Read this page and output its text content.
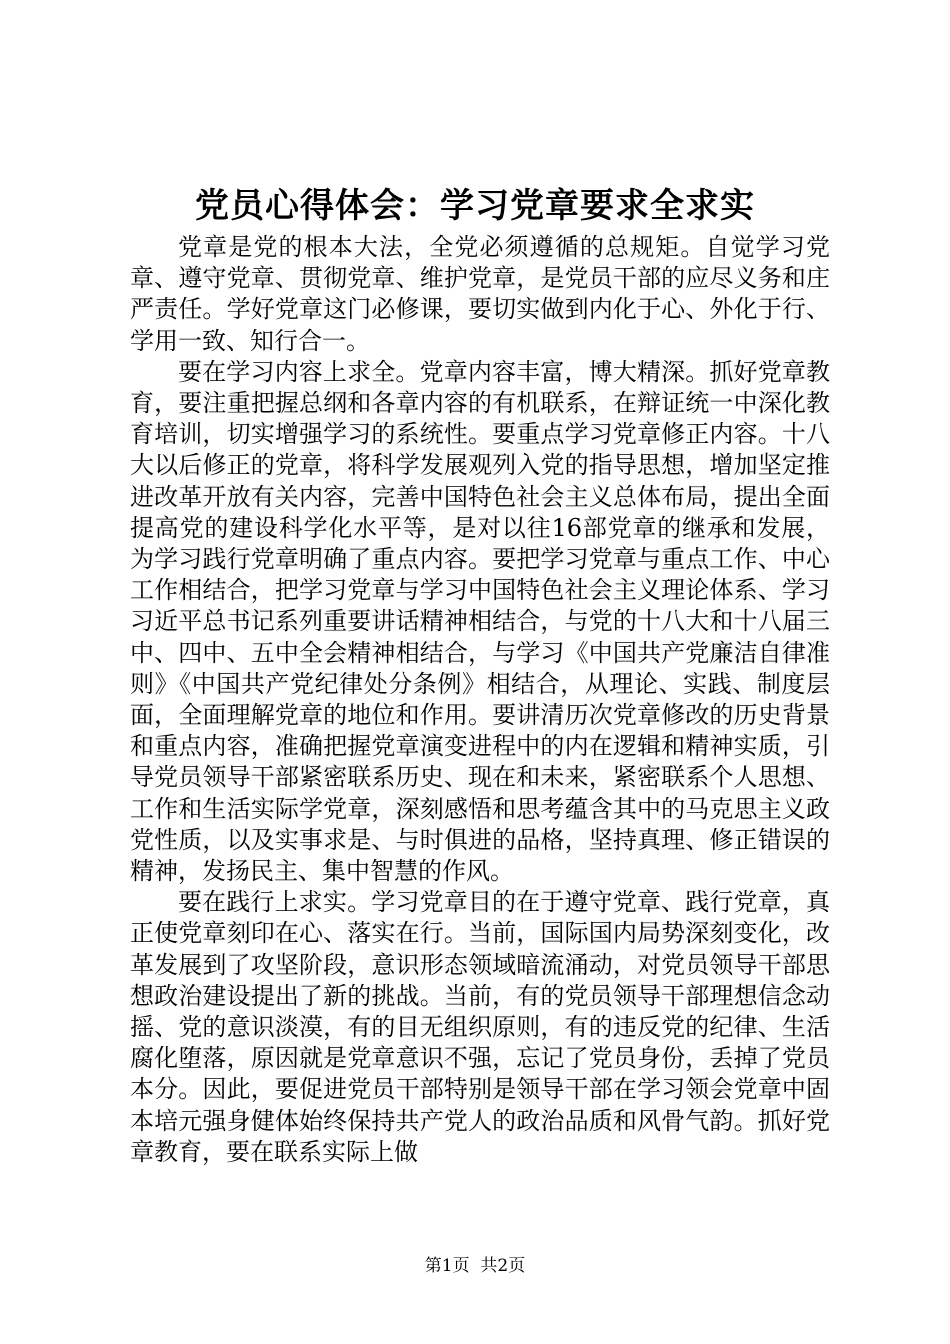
党员心得体会：学习党章要求全求实

党章是党的根本大法，全党必须遵循的总规矩。自觉学习党章、遵守党章、贯彻党章、维护党章，是党员干部的应尽义务和庄严责任。学好党章这门必修课，要切实做到内化于心、外化于行、学用一致、知行合一。

要在学习内容上求全。党章内容丰富，博大精深。抓好党章教育，要注重把握总纲和各章内容的有机联系，在辩证统一中深化教育培训，切实增强学习的系统性。要重点学习党章修正内容。十八大以后修正的党章，将科学发展观列入党的指导思想，增加坚定推进改革开放有关内容，完善中国特色社会主义总体布局，提出全面提高党的建设科学化水平等，是对以往16部党章的继承和发展，为学习践行党章明确了重点内容。要把学习党章与重点工作、中心工作相结合，把学习党章与学习中国特色社会主义理论体系、学习习近平总书记系列重要讲话精神相结合，与党的十八大和十八届三中、四中、五中全会精神相结合，与学习《中国共产党廉洁自律准则》《中国共产党纪律处分条例》相结合，从理论、实践、制度层面，全面理解党章的地位和作用。要讲清历次党章修改的历史背景和重点内容，准确把握党章演变进程中的内在逻辑和精神实质，引导党员领导干部紧密联系历史、现在和未来，紧密联系个人思想、工作和生活实际学党章，深刻感悟和思考蕴含其中的马克思主义政党性质，以及实事求是、与时俱进的品格，坚持真理、修正错误的精神，发扬民主、集中智慧的作风。

要在践行上求实。学习党章目的在于遵守党章、践行党章，真正使党章刻印在心、落实在行。当前，国际国内局势深刻变化，改革发展到了攻坚阶段，意识形态领域暗流涌动，对党员领导干部思想政治建设提出了新的挑战。当前，有的党员领导干部理想信念动摇、党的意识淡漠，有的目无组织原则，有的违反党的纪律、生活腐化堕落，原因就是党章意识不强，忘记了党员身份，丢掉了党员本分。因此，要促进党员干部特别是领导干部在学习领会党章中固本培元强身健体始终保持共产党人的政治品质和风骨气韵。抓好党章教育，要在联系实际上做

第1页 共2页
